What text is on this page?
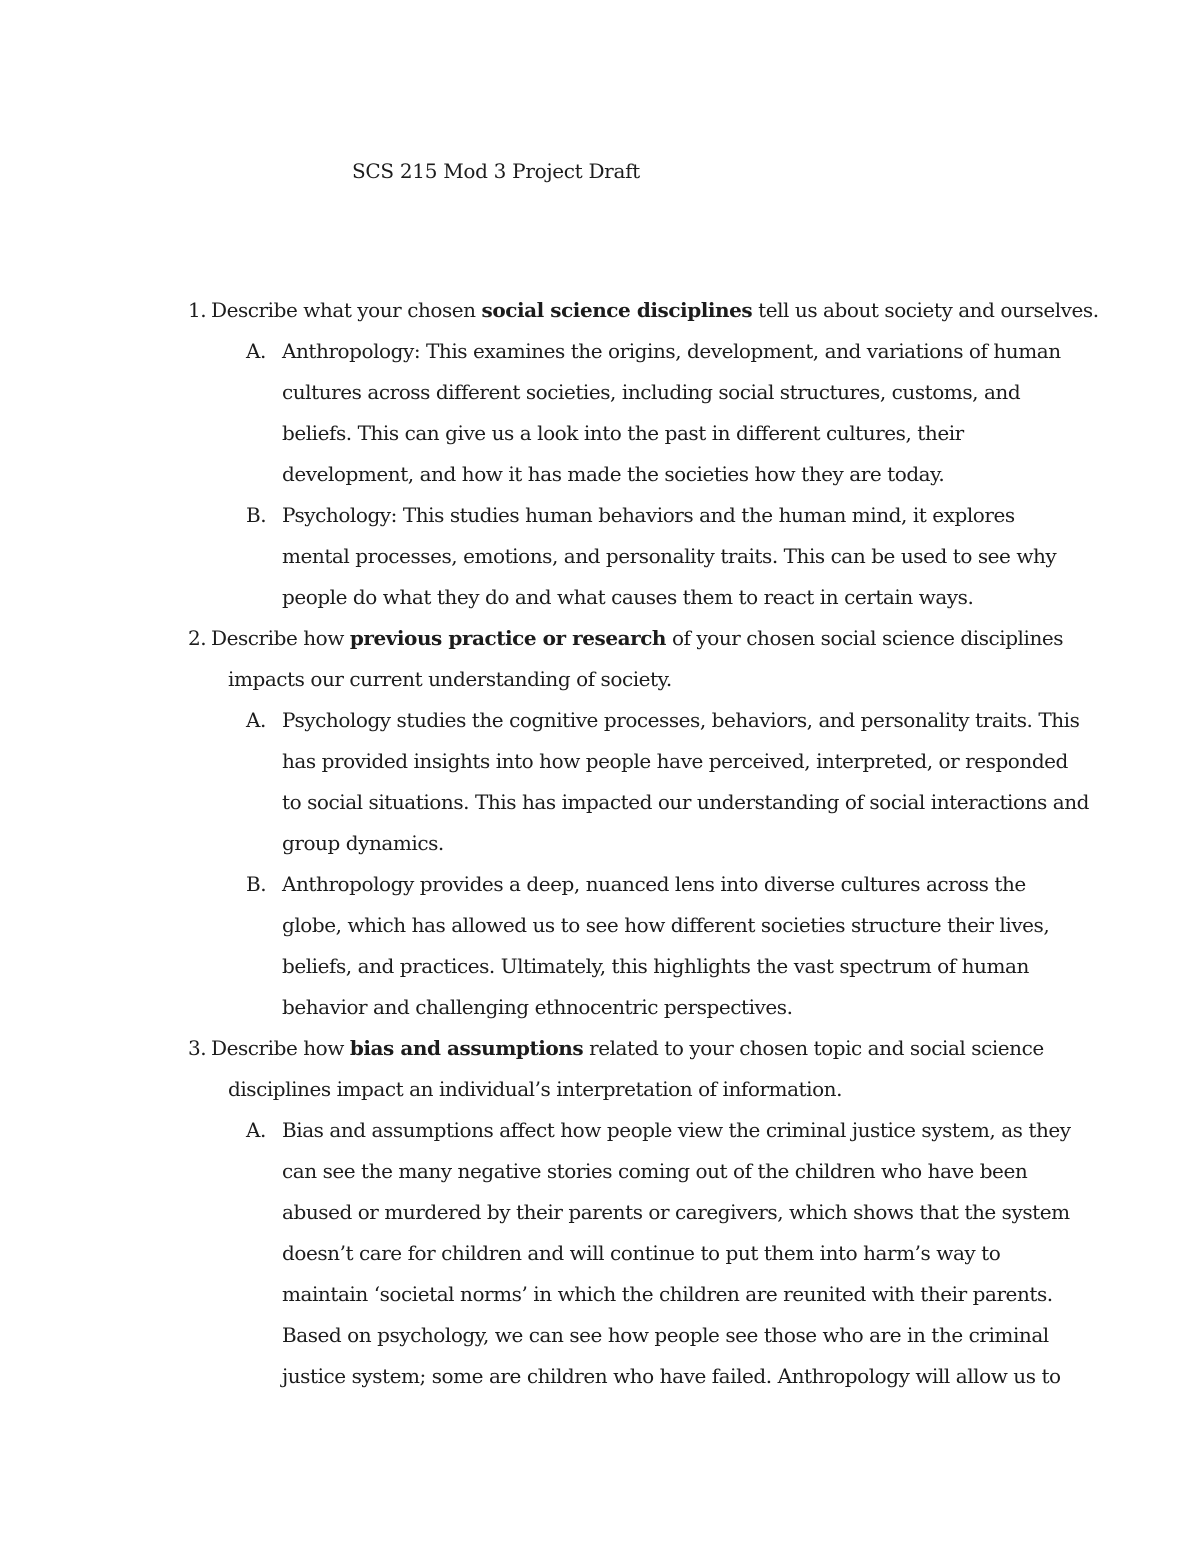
SCS 215 Mod 3 Project Draft
1. Describe what your chosen social science disciplines tell us about society and ourselves.
A. Anthropology: This examines the origins, development, and variations of human
cultures across different societies, including social structures, customs, and
beliefs. This can give us a look into the past in different cultures, their
development, and how it has made the societies how they are today.
B. Psychology: This studies human behaviors and the human mind, it explores
mental processes, emotions, and personality traits. This can be used to see why
people do what they do and what causes them to react in certain ways.
2. Describe how previous practice or research of your chosen social science disciplines
impacts our current understanding of society.
A. Psychology studies the cognitive processes, behaviors, and personality traits. This
has provided insights into how people have perceived, interpreted, or responded
to social situations. This has impacted our understanding of social interactions and
group dynamics.
B. Anthropology provides a deep, nuanced lens into diverse cultures across the
globe, which has allowed us to see how different societies structure their lives,
beliefs, and practices. Ultimately, this highlights the vast spectrum of human
behavior and challenging ethnocentric perspectives.
3. Describe how bias and assumptions related to your chosen topic and social science
disciplines impact an individual’s interpretation of information.
A. Bias and assumptions affect how people view the criminal justice system, as they
can see the many negative stories coming out of the children who have been
abused or murdered by their parents or caregivers, which shows that the system
doesn’t care for children and will continue to put them into harm’s way to
maintain ‘societal norms’ in which the children are reunited with their parents.
Based on psychology, we can see how people see those who are in the criminal
justice system; some are children who have failed. Anthropology will allow us to
